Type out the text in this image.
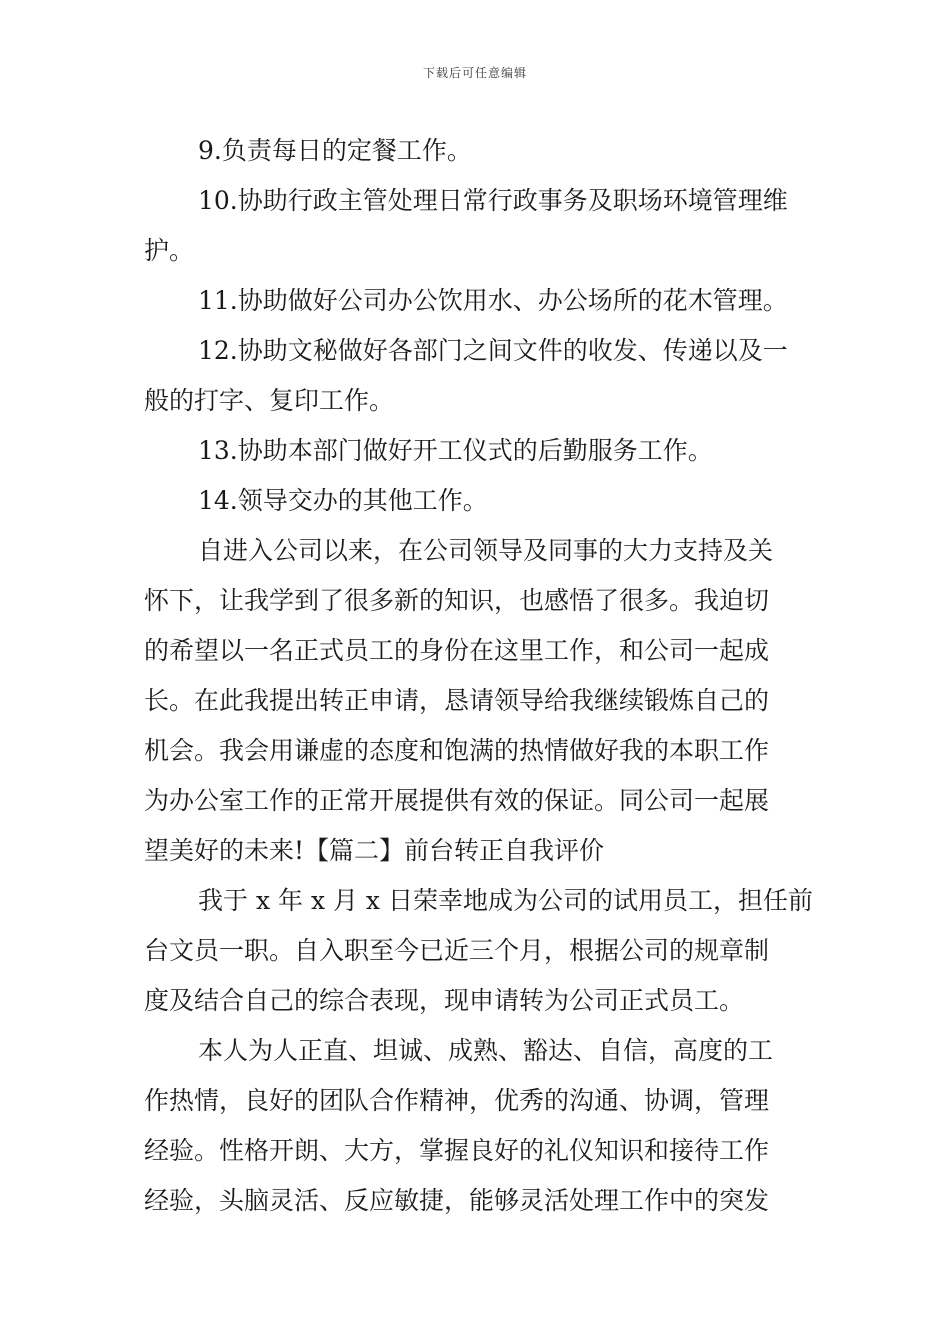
下载后可任意编辑
9.负责每日的定餐工作。
10.协助行政主管处理日常行政事务及职场环境管理维
护。
11.协助做好公司办公饮用水、办公场所的花木管理。
12.协助文秘做好各部门之间文件的收发、传递以及一
般的打字、复印工作。
13.协助本部门做好开工仪式的后勤服务工作。
14.领导交办的其他工作。
自进入公司以来，在公司领导及同事的大力支持及关
怀下，让我学到了很多新的知识，也感悟了很多。我迫切
的希望以一名正式员工的身份在这里工作，和公司一起成
长。在此我提出转正申请，恳请领导给我继续锻炼自己的
机会。我会用谦虚的态度和饱满的热情做好我的本职工作
为办公室工作的正常开展提供有效的保证。同公司一起展
望美好的未来!【篇二】前台转正自我评价
我于 x 年 x 月 x 日荣幸地成为公司的试用员工，担任前
台文员一职。自入职至今已近三个月，根据公司的规章制
度及结合自己的综合表现，现申请转为公司正式员工。
本人为人正直、坦诚、成熟、豁达、自信，高度的工
作热情，良好的团队合作精神，优秀的沟通、协调，管理
经验。性格开朗、大方，掌握良好的礼仪知识和接待工作
经验，头脑灵活、反应敏捷，能够灵活处理工作中的突发
